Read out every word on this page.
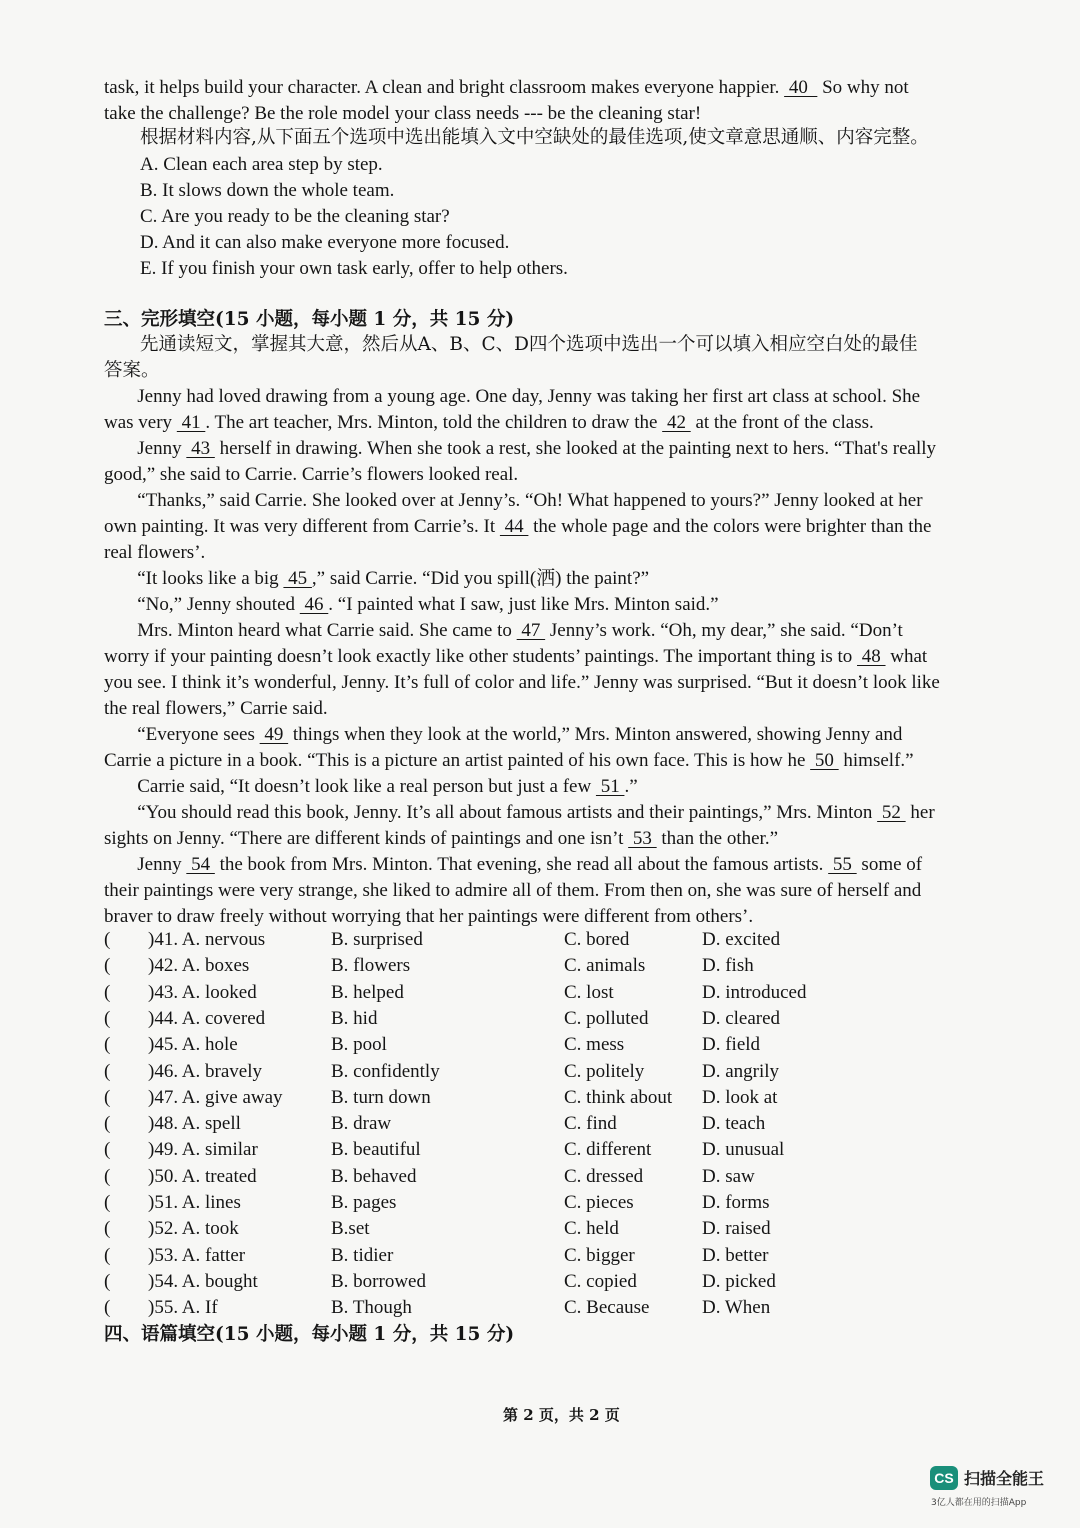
task, it helps build your character. A clean and bright classroom makes everyone happier.  40   So why not
take the challenge? Be the role model your class needs --- be the cleaning star!
根据材料内容,从下面五个选项中选出能填入文中空缺处的最佳选项,使文章意思通顺、内容完整。
A. Clean each area step by step.
B. It slows down the whole team.
C. Are you ready to be the cleaning star?
D. And it can also make everyone more focused.
E. If you finish your own task early, offer to help others.
三、完形填空(15 小题，每小题 1 分，共 15 分)
先通读短文，掌握其大意，然后从A、B、C、D四个选项中选出一个可以填入相应空白处的最佳
答案。
Jenny had loved drawing from a young age. One day, Jenny was taking her first art class at school. She
was very  41 . The art teacher, Mrs. Minton, told the children to draw the  42  at the front of the class.
Jenny  43  herself in drawing. When she took a rest, she looked at the painting next to hers. “That's really
good,” she said to Carrie. Carrie’s flowers looked real.
“Thanks,” said Carrie. She looked over at Jenny’s. “Oh! What happened to yours?” Jenny looked at her
own painting. It was very different from Carrie’s. It  44  the whole page and the colors were brighter than the
real flowers’.
“It looks like a big  45 ,” said Carrie. “Did you spill(洒) the paint?”
“No,” Jenny shouted  46 . “I painted what I saw, just like Mrs. Minton said.”
Mrs. Minton heard what Carrie said. She came to  47  Jenny’s work. “Oh, my dear,” she said. “Don’t
worry if your painting doesn’t look exactly like other students’ paintings. The important thing is to  48  what
you see. I think it’s wonderful, Jenny. It’s full of color and life.” Jenny was surprised. “But it doesn’t look like
the real flowers,” Carrie said.
“Everyone sees  49  things when they look at the world,” Mrs. Minton answered, showing Jenny and
Carrie a picture in a book. “This is a picture an artist painted of his own face. This is how he  50  himself.”
Carrie said, “It doesn’t look like a real person but just a few  51 .”
“You should read this book, Jenny. It’s all about famous artists and their paintings,” Mrs. Minton  52  her
sights on Jenny. “There are different kinds of paintings and one isn’t  53  than the other.”
Jenny  54  the book from Mrs. Minton. That evening, she read all about the famous artists.  55  some of
their paintings were very strange, she liked to admire all of them. From then on, she was sure of herself and
braver to draw freely without worrying that her paintings were different from others’.
( )41. A. nervous	B. surprised	C. bored	D. excited
( )42. A. boxes	B. flowers	C. animals	D. fish
( )43. A. looked	B. helped	C. lost	D. introduced
( )44. A. covered	B. hid	C. polluted	D. cleared
( )45. A. hole	B. pool	C. mess	D. field
( )46. A. bravely	B. confidently	C. politely	D. angrily
( )47. A. give away	B. turn down	C. think about D. look at
( )48. A. spell	B. draw	C. find	D. teach
( )49. A. similar	B. beautiful	C. different	D. unusual
( )50. A. treated	B. behaved	C. dressed	D. saw
( )51. A. lines	B. pages	C. pieces	D. forms
( )52. A. took	B.set	C. held	D. raised
( )53. A. fatter	B. tidier	C. bigger	D. better
( )54. A. bought	B. borrowed	C. copied	D. picked
( )55. A. If	B. Though	C. Because	D. When
四、语篇填空(15 小题，每小题 1 分，共 15 分)
第 2 页，共 2 页
CS 扫描全能王
3亿人都在用的扫描App
